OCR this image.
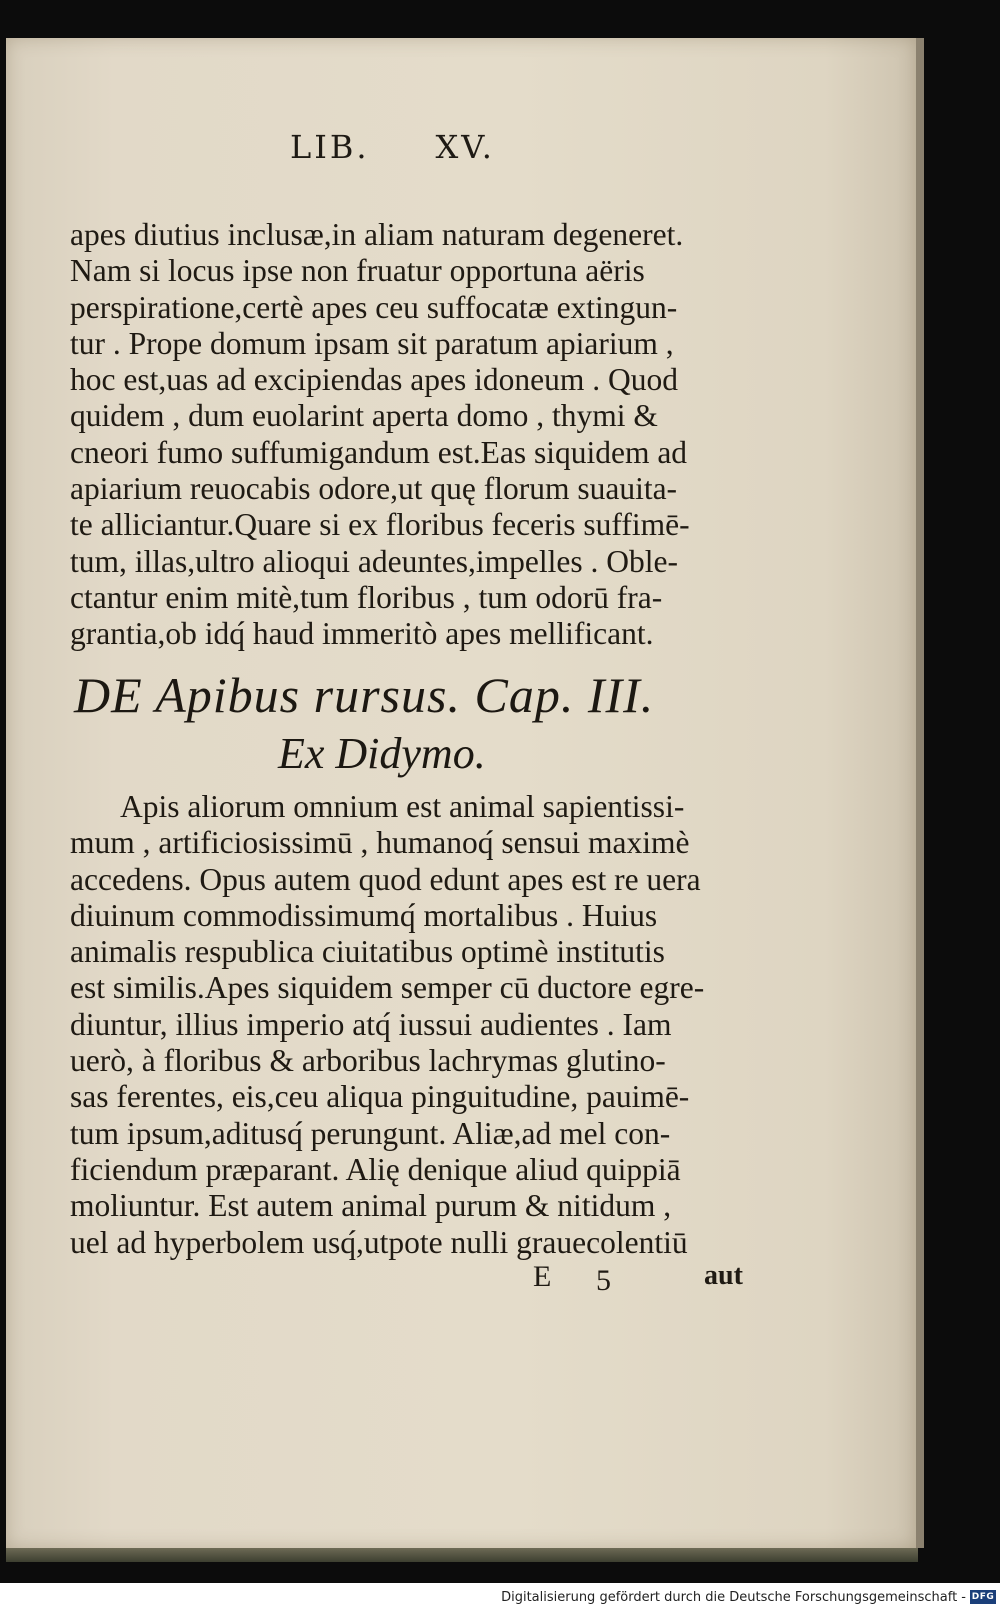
LIB.     XV.
apes diutius inclusæ,in aliam naturam degeneret.
Nam si locus ipse non fruatur opportuna aëris
perspiratione,certè apes ceu suffocatæ extingun-
tur . Prope domum ipsam sit paratum apiarium ,
hoc est,uas ad excipiendas apes idoneum . Quod
quidem , dum euolarint aperta domo , thymi &
cneori fumo suffumigandum est.Eas siquidem ad
apiarium reuocabis odore,ut quę florum suauita-
te alliciantur.Quare si ex floribus feceris suffimē-
tum, illas,ultro alioqui adeuntes,impelles . Oble-
ctantur enim mitè,tum floribus , tum odorū fra-
grantia,ob idq́ haud immeritò apes mellificant.
DE Apibus rursus. Cap. III.
Ex Didymo.
Apis aliorum omnium est animal sapientissi-
mum , artificiosissimū , humanoq́ sensui maximè
accedens. Opus autem quod edunt apes est re uera
diuinum commodissimumq́ mortalibus . Huius
animalis respublica ciuitatibus optimè institutis
est similis.Apes siquidem semper cū ductore egre-
diuntur, illius imperio atq́ iussui audientes . Iam
uerò, à floribus & arboribus lachrymas glutino-
sas ferentes, eis,ceu aliqua pinguitudine, pauimē-
tum ipsum,aditusq́ perungunt. Aliæ,ad mel con-
ficiendum præparant. Alię denique aliud quippiā
moliuntur. Est autem animal purum & nitidum ,
uel ad hyperbolem usq́,utpote nulli grauecolentiū
E 5	aut
Digitalisierung gefördert durch die Deutsche Forschungsgemeinschaft - DFG
